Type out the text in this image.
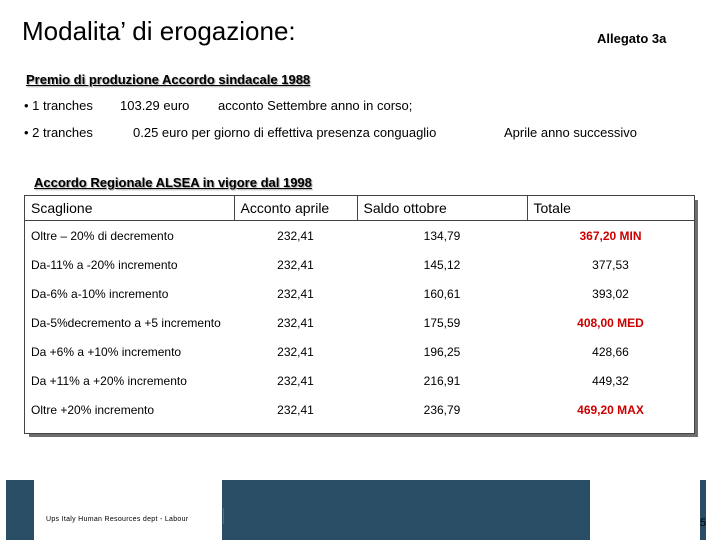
Modalita’ di erogazione:	Allegato 3a
Premio di produzione Accordo sindacale 1988
• 1 tranches 103.29 euro acconto Settembre anno in corso;
• 2 tranches	0.25 euro per giorno di effettiva presenza conguaglio	Aprile anno successivo
Accordo Regionale ALSEA in vigore dal 1998
Scaglione	Acconto aprile	Saldo ottobre	Totale
Oltre – 20% di decremento	232,41	134,79	367,20 MIN
Da-11% a -20% incremento	232,41	145,12	377,53
Da-6% a-10% incremento	232,41	160,61	393,02
Da-5%decremento a +5 incremento	232,41	175,59	408,00 MED
Da +6% a +10% incremento	232,41	196,25	428,66
Da +11% a +20% incremento	232,41	216,91	449,32
Oltre +20% incremento	232,41	236,79	469,20 MAX
Ups Italy Human Resources dept - Labour	5
